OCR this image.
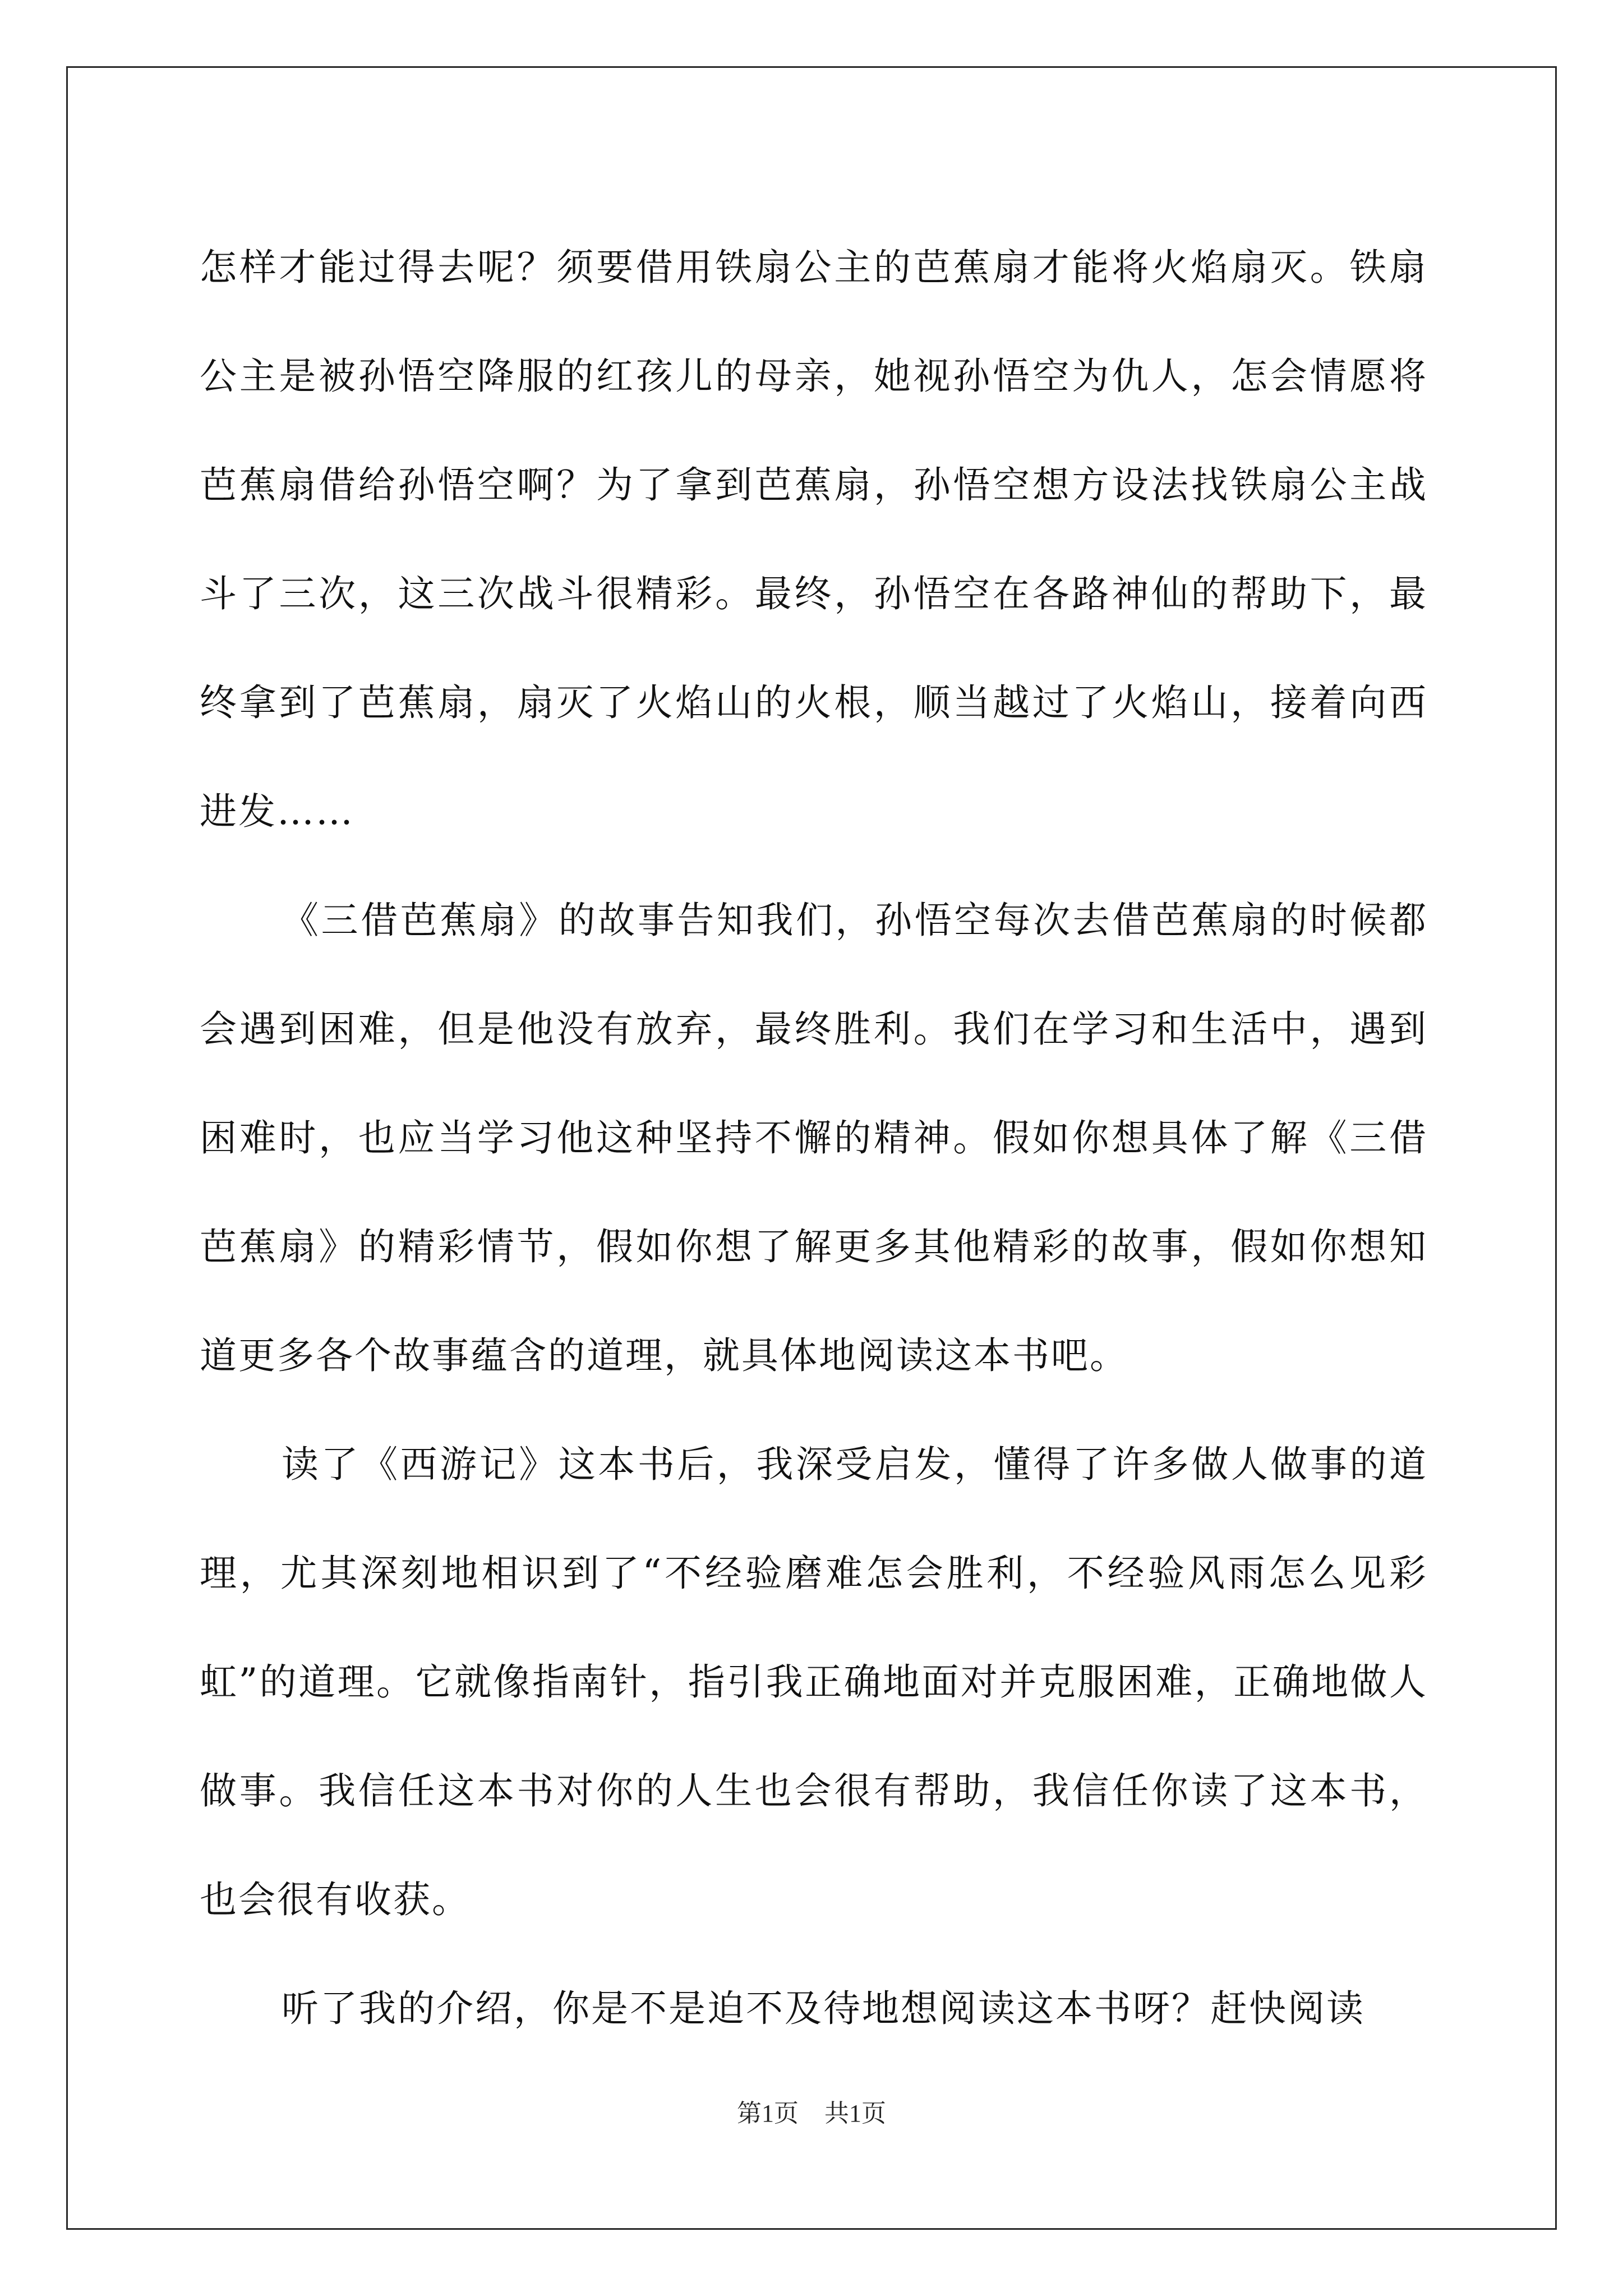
怎样才能过得去呢？须要借用铁扇公主的芭蕉扇才能将火焰扇灭。铁扇公主是被孙悟空降服的红孩儿的母亲，她视孙悟空为仇人，怎会情愿将芭蕉扇借给孙悟空啊？为了拿到芭蕉扇，孙悟空想方设法找铁扇公主战斗了三次，这三次战斗很精彩。最终，孙悟空在各路神仙的帮助下，最终拿到了芭蕉扇，扇灭了火焰山的火根，顺当越过了火焰山，接着向西进发……

《三借芭蕉扇》的故事告知我们，孙悟空每次去借芭蕉扇的时候都会遇到困难，但是他没有放弃，最终胜利。我们在学习和生活中，遇到困难时，也应当学习他这种坚持不懈的精神。假如你想具体了解《三借芭蕉扇》的精彩情节，假如你想了解更多其他精彩的故事，假如你想知道更多各个故事蕴含的道理，就具体地阅读这本书吧。

读了《西游记》这本书后，我深受启发，懂得了许多做人做事的道理，尤其深刻地相识到了“不经验磨难怎会胜利，不经验风雨怎么见彩虹”的道理。它就像指南针，指引我正确地面对并克服困难，正确地做人做事。我信任这本书对你的人生也会很有帮助，我信任你读了这本书，也会很有收获。

听了我的介绍，你是不是迫不及待地想阅读这本书呀？赶快阅读

第1页 共1页
